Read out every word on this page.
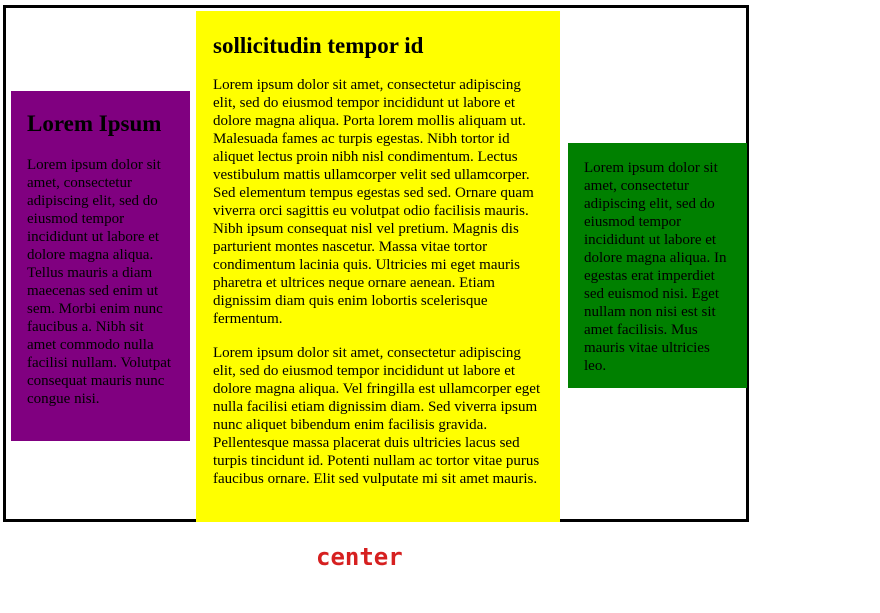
Lorem Ipsum

Lorem ipsum dolor sit amet, consectetur adipiscing elit, sed do eiusmod tempor incididunt ut labore et dolore magna aliqua. Tellus mauris a diam maecenas sed enim ut sem. Morbi enim nunc faucibus a. Nibh sit amet commodo nulla facilisi nullam. Volutpat consequat mauris nunc congue nisi.

sollicitudin tempor id

Lorem ipsum dolor sit amet, consectetur adipiscing elit, sed do eiusmod tempor incididunt ut labore et dolore magna aliqua. Porta lorem mollis aliquam ut. Malesuada fames ac turpis egestas. Nibh tortor id aliquet lectus proin nibh nisl condimentum. Lectus vestibulum mattis ullamcorper velit sed ullamcorper. Sed elementum tempus egestas sed sed. Ornare quam viverra orci sagittis eu volutpat odio facilisis mauris. Nibh ipsum consequat nisl vel pretium. Magnis dis parturient montes nascetur. Massa vitae tortor condimentum lacinia quis. Ultricies mi eget mauris pharetra et ultrices neque ornare aenean. Etiam dignissim diam quis enim lobortis scelerisque fermentum.

Lorem ipsum dolor sit amet, consectetur adipiscing elit, sed do eiusmod tempor incididunt ut labore et dolore magna aliqua. Vel fringilla est ullamcorper eget nulla facilisi etiam dignissim diam. Sed viverra ipsum nunc aliquet bibendum enim facilisis gravida. Pellentesque massa placerat duis ultricies lacus sed turpis tincidunt id. Potenti nullam ac tortor vitae purus faucibus ornare. Elit sed vulputate mi sit amet mauris.

Lorem ipsum dolor sit amet, consectetur adipiscing elit, sed do eiusmod tempor incididunt ut labore et dolore magna aliqua. In egestas erat imperdiet sed euismod nisi. Eget nullam non nisi est sit amet facilisis. Mus mauris vitae ultricies leo.

center
